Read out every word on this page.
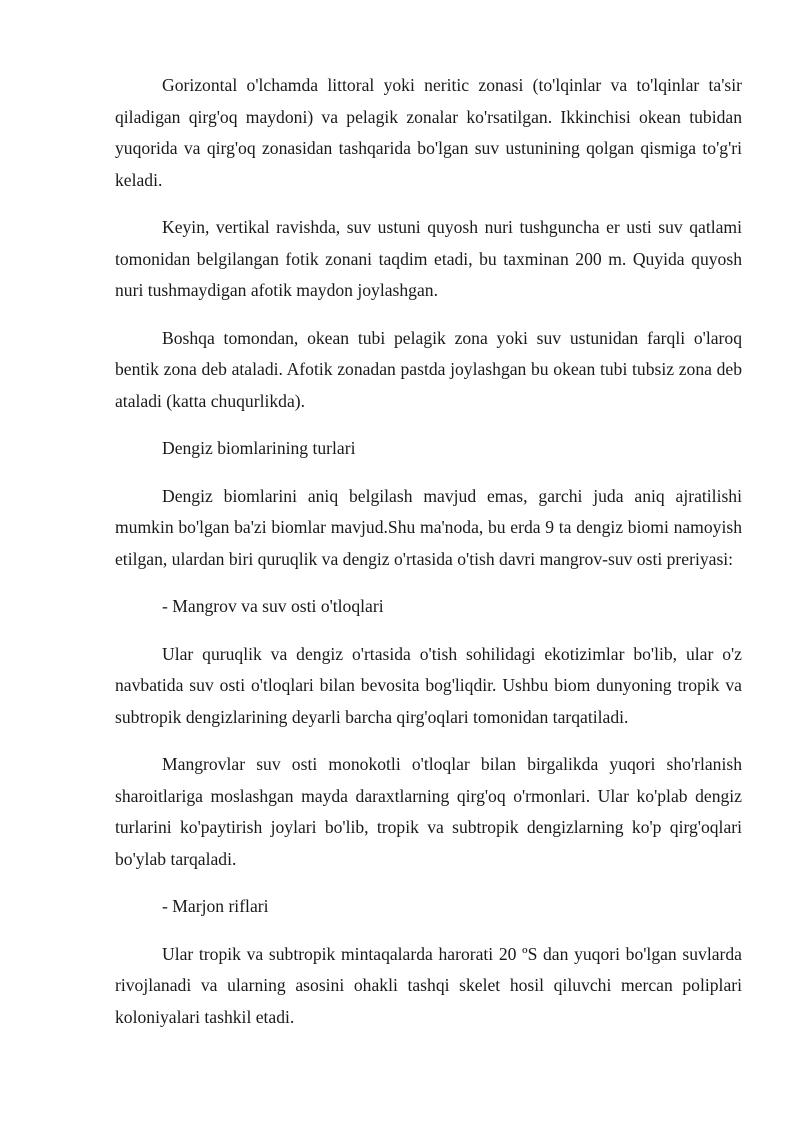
Gorizontal o'lchamda littoral yoki neritic zonasi (to'lqinlar va to'lqinlar ta'sir qiladigan qirg'oq maydoni) va pelagik zonalar ko'rsatilgan. Ikkinchisi okean tubidan yuqorida va qirg'oq zonasidan tashqarida bo'lgan suv ustunining qolgan qismiga to'g'ri keladi.

Keyin, vertikal ravishda, suv ustuni quyosh nuri tushguncha er usti suv qatlami tomonidan belgilangan fotik zonani taqdim etadi, bu taxminan 200 m. Quyida quyosh nuri tushmaydigan afotik maydon joylashgan.

Boshqa tomondan, okean tubi pelagik zona yoki suv ustunidan farqli o'laroq bentik zona deb ataladi. Afotik zonadan pastda joylashgan bu okean tubi tubsiz zona deb ataladi (katta chuqurlikda).

Dengiz biomlarining turlari

Dengiz biomlarini aniq belgilash mavjud emas, garchi juda aniq ajratilishi mumkin bo'lgan ba'zi biomlar mavjud.Shu ma'noda, bu erda 9 ta dengiz biomi namoyish etilgan, ulardan biri quruqlik va dengiz o'rtasida o'tish davri mangrov-suv osti preriyasi:

- Mangrov va suv osti o'tloqlari

Ular quruqlik va dengiz o'rtasida o'tish sohilidagi ekotizimlar bo'lib, ular o'z navbatida suv osti o'tloqlari bilan bevosita bog'liqdir. Ushbu biom dunyoning tropik va subtropik dengizlarining deyarli barcha qirg'oqlari tomonidan tarqatiladi.

Mangrovlar suv osti monokotli o'tloqlar bilan birgalikda yuqori sho'rlanish sharoitlariga moslashgan mayda daraxtlarning qirg'oq o'rmonlari. Ular ko'plab dengiz turlarini ko'paytirish joylari bo'lib, tropik va subtropik dengizlarning ko'p qirg'oqlari bo'ylab tarqaladi.

- Marjon riflari

Ular tropik va subtropik mintaqalarda harorati 20 ºS dan yuqori bo'lgan suvlarda rivojlanadi va ularning asosini ohakli tashqi skelet hosil qiluvchi mercan poliplari koloniyalari tashkil etadi.
